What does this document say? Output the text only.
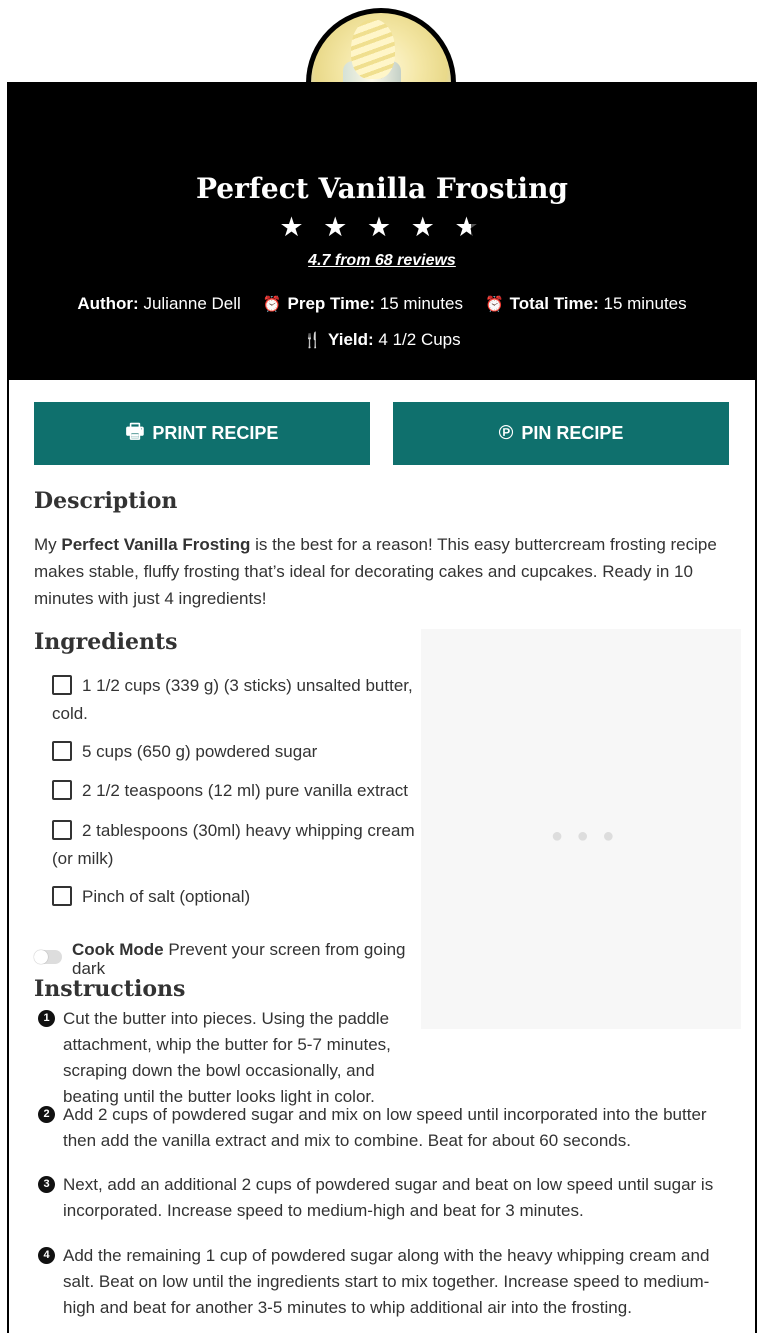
Perfect Vanilla Frosting
★ ★ ★ ★ ★
4.7 from 68 reviews
Author: Julianne Dell ⏰ Prep Time: 15 minutes ⏰ Total Time: 15 minutes
🍴 Yield: 4 1/2 Cups
🖶 PRINT RECIPE	℗ PIN RECIPE
Description
My Perfect Vanilla Frosting is the best for a reason! This easy buttercream frosting recipe makes stable, fluffy frosting that’s ideal for decorating cakes and cupcakes. Ready in 10 minutes with just 4 ingredients!
Ingredients
● ● ●
1 1/2 cups (339 g) (3 sticks) unsalted butter, cold.
5 cups (650 g) powdered sugar
2 1/2 teaspoons (12 ml) pure vanilla extract
2 tablespoons (30ml) heavy whipping cream (or milk)
Pinch of salt (optional)
Cook Mode Prevent your screen from going dark
Instructions
1 Cut the butter into pieces. Using the paddle attachment, whip the butter for 5-7 minutes, scraping down the bowl occasionally, and beating until the butter looks light in color.
2 Add 2 cups of powdered sugar and mix on low speed until incorporated into the butter then add the vanilla extract and mix to combine. Beat for about 60 seconds.
3 Next, add an additional 2 cups of powdered sugar and beat on low speed until sugar is incorporated. Increase speed to medium-high and beat for 3 minutes.
4 Add the remaining 1 cup of powdered sugar along with the heavy whipping cream and salt. Beat on low until the ingredients start to mix together. Increase speed to medium-high and beat for another 3-5 minutes to whip additional air into the frosting.
